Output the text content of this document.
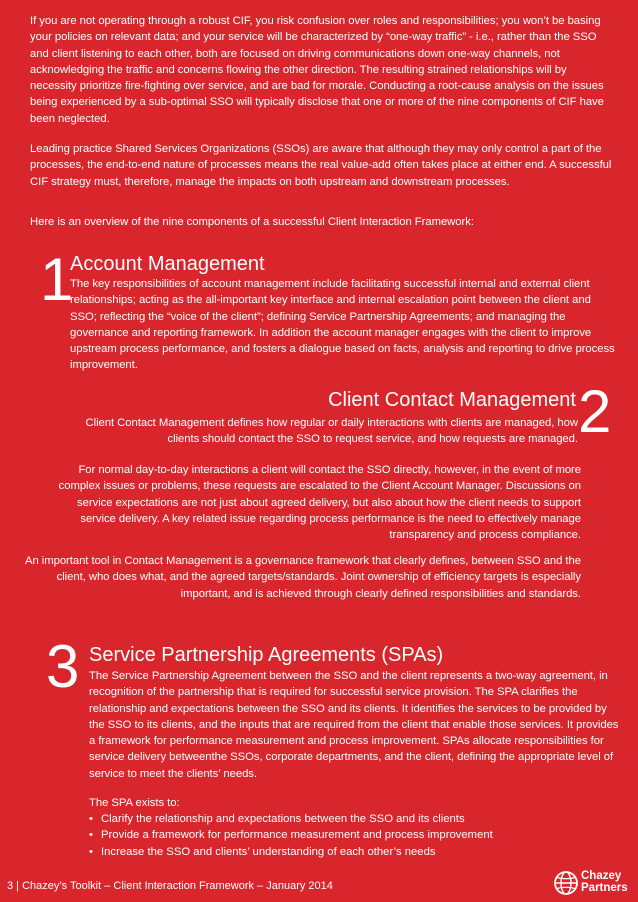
If you are not operating through a robust CIF, you risk confusion over roles and responsibilities; you won’t be basing your policies on relevant data; and your service will be characterized by “one-way traffic” - i.e., rather than the SSO and client listening to each other, both are focused on driving communications down one-way channels, not acknowledging the traffic and concerns flowing the other direction. The resulting strained relationships will by necessity prioritize fire-fighting over service, and are bad for morale. Conducting a root-cause analysis on the issues being experienced by a sub-optimal SSO will typically disclose that one or more of the nine components of CIF have been neglected.

Leading practice Shared Services Organizations (SSOs) are aware that although they may only control a part of the processes, the end-to-end nature of processes means the real value-add often takes place at either end. A successful CIF strategy must, therefore, manage the impacts on both upstream and downstream processes.

Here is an overview of the nine components of a successful Client Interaction Framework:

1
Account Management

The key responsibilities of account management include facilitating successful internal and external client relationships; acting as the all-important key interface and internal escalation point between the client and SSO; reflecting the “voice of the client”; defining Service Partnership Agreements; and managing the governance and reporting framework. In addition the account manager engages with the client to improve upstream process performance, and fosters a dialogue based on facts, analysis and reporting to drive process improvement.

Client Contact Management 2

Client Contact Management defines how regular or daily interactions with clients are managed, how clients should contact the SSO to request service, and how requests are managed.

For normal day-to-day interactions a client will contact the SSO directly, however, in the event of more complex issues or problems, these requests are escalated to the Client Account Manager. Discussions on service expectations are not just about agreed delivery, but also about how the client needs to support service delivery. A key related issue regarding process performance is the need to effectively manage transparency and process compliance.

An important tool in Contact Management is a governance framework that clearly defines, between SSO and the client, who does what, and the agreed targets/standards. Joint ownership of efficiency targets is especially important, and is achieved through clearly defined responsibilities and standards.

3 Service Partnership Agreements (SPAs)

The Service Partnership Agreement between the SSO and the client represents a two-way agreement, in recognition of the partnership that is required for successful service provision. The SPA clarifies the relationship and expectations between the SSO and its clients. It identifies the services to be provided by the SSO to its clients, and the inputs that are required from the client that enable those services. It provides a framework for performance measurement and process improvement. SPAs allocate responsibilities for service delivery betweenthe SSOs, corporate departments, and the client, defining the appropriate level of service to meet the clients’ needs.

The SPA exists to:

• Clarify the relationship and expectations between the SSO and its clients
• Provide a framework for performance measurement and process improvement
• Increase the SSO and clients’ understanding of each other’s needs
3 | Chazey’s Toolkit – Client Interaction Framework – January 2014
Chazey
Partners
